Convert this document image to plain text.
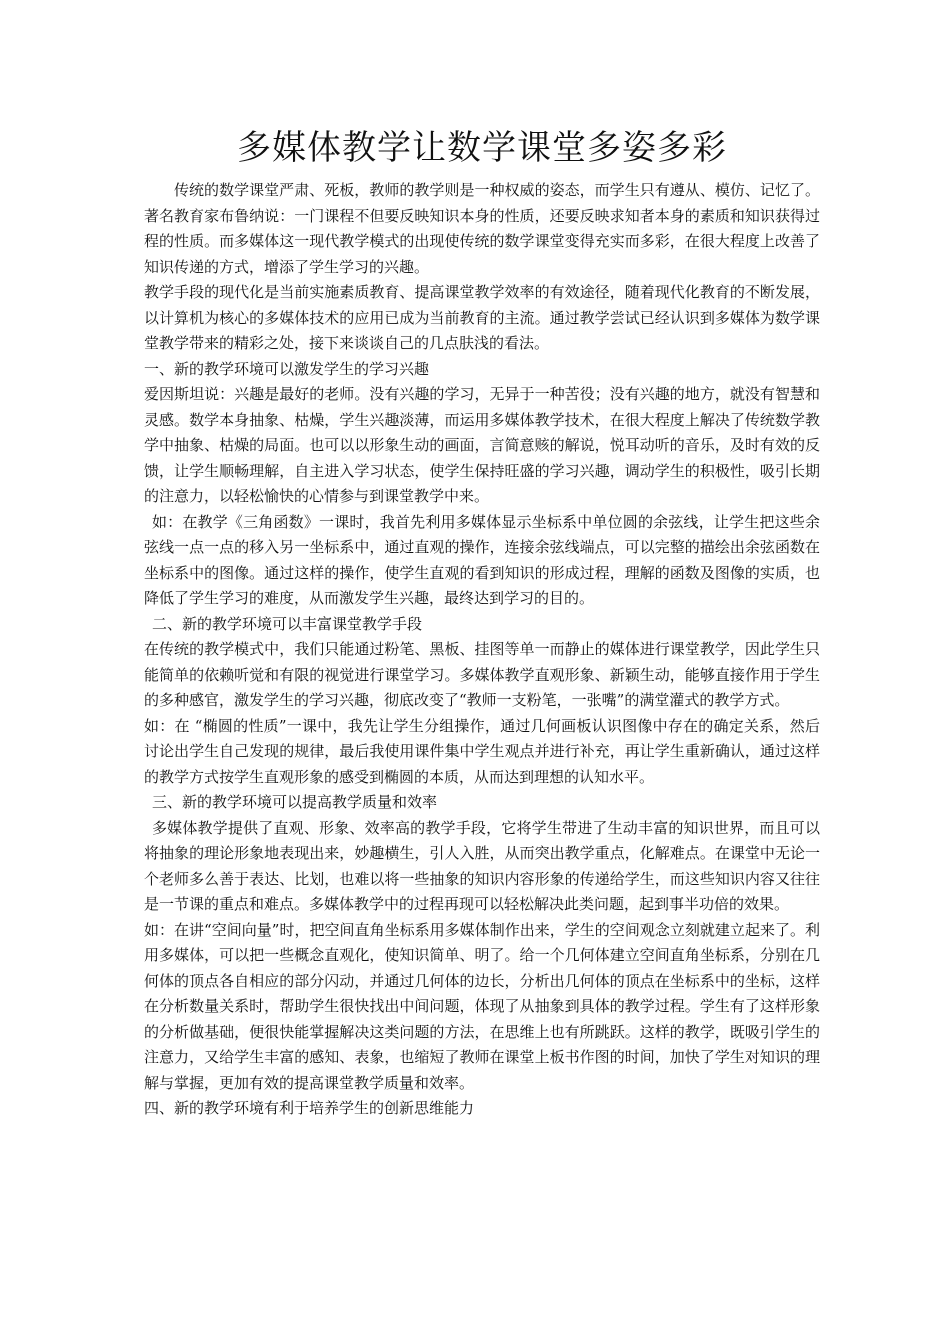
多媒体教学让数学课堂多姿多彩

传统的数学课堂严肃、死板，教师的教学则是一种权威的姿态，而学生只有遵从、模仿、记忆了。著名教育家布鲁纳说：一门课程不但要反映知识本身的性质，还要反映求知者本身的素质和知识获得过程的性质。而多媒体这一现代教学模式的出现使传统的数学课堂变得充实而多彩，在很大程度上改善了知识传递的方式，增添了学生学习的兴趣。

教学手段的现代化是当前实施素质教育、提高课堂教学效率的有效途径，随着现代化教育的不断发展，以计算机为核心的多媒体技术的应用已成为当前教育的主流。通过教学尝试已经认识到多媒体为数学课堂教学带来的精彩之处，接下来谈谈自己的几点肤浅的看法。

一、新的教学环境可以激发学生的学习兴趣

爱因斯坦说：兴趣是最好的老师。没有兴趣的学习，无异于一种苦役；没有兴趣的地方，就没有智慧和灵感。数学本身抽象、枯燥，学生兴趣淡薄，而运用多媒体教学技术，在很大程度上解决了传统数学教学中抽象、枯燥的局面。也可以以形象生动的画面，言简意赅的解说，悦耳动听的音乐，及时有效的反馈，让学生顺畅理解，自主进入学习状态，使学生保持旺盛的学习兴趣，调动学生的积极性，吸引长期的注意力，以轻松愉快的心情参与到课堂教学中来。

如：在教学《三角函数》一课时，我首先利用多媒体显示坐标系中单位圆的余弦线，让学生把这些余弦线一点一点的移入另一坐标系中，通过直观的操作，连接余弦线端点，可以完整的描绘出余弦函数在坐标系中的图像。通过这样的操作，使学生直观的看到知识的形成过程，理解的函数及图像的实质，也降低了学生学习的难度，从而激发学生兴趣，最终达到学习的目的。

二、新的教学环境可以丰富课堂教学手段

在传统的教学模式中，我们只能通过粉笔、黑板、挂图等单一而静止的媒体进行课堂教学，因此学生只能简单的依赖听觉和有限的视觉进行课堂学习。多媒体教学直观形象、新颖生动，能够直接作用于学生的多种感官，激发学生的学习兴趣，彻底改变了“教师一支粉笔，一张嘴”的满堂灌式的教学方式。

如：在 “椭圆的性质”一课中，我先让学生分组操作，通过几何画板认识图像中存在的确定关系，然后讨论出学生自己发现的规律，最后我使用课件集中学生观点并进行补充，再让学生重新确认，通过这样的教学方式按学生直观形象的感受到椭圆的本质，从而达到理想的认知水平。

三、新的教学环境可以提高教学质量和效率

多媒体教学提供了直观、形象、效率高的教学手段，它将学生带进了生动丰富的知识世界，而且可以将抽象的理论形象地表现出来，妙趣横生，引人入胜，从而突出教学重点，化解难点。在课堂中无论一个老师多么善于表达、比划，也难以将一些抽象的知识内容形象的传递给学生，而这些知识内容又往往是一节课的重点和难点。多媒体教学中的过程再现可以轻松解决此类问题，起到事半功倍的效果。

如：在讲“空间向量”时，把空间直角坐标系用多媒体制作出来，学生的空间观念立刻就建立起来了。利用多媒体，可以把一些概念直观化，使知识简单、明了。给一个几何体建立空间直角坐标系，分别在几何体的顶点各自相应的部分闪动，并通过几何体的边长，分析出几何体的顶点在坐标系中的坐标，这样在分析数量关系时，帮助学生很快找出中间问题，体现了从抽象到具体的教学过程。学生有了这样形象的分析做基础，便很快能掌握解决这类问题的方法，在思维上也有所跳跃。这样的教学，既吸引学生的注意力，又给学生丰富的感知、表象，也缩短了教师在课堂上板书作图的时间，加快了学生对知识的理解与掌握，更加有效的提高课堂教学质量和效率。

四、新的教学环境有利于培养学生的创新思维能力
